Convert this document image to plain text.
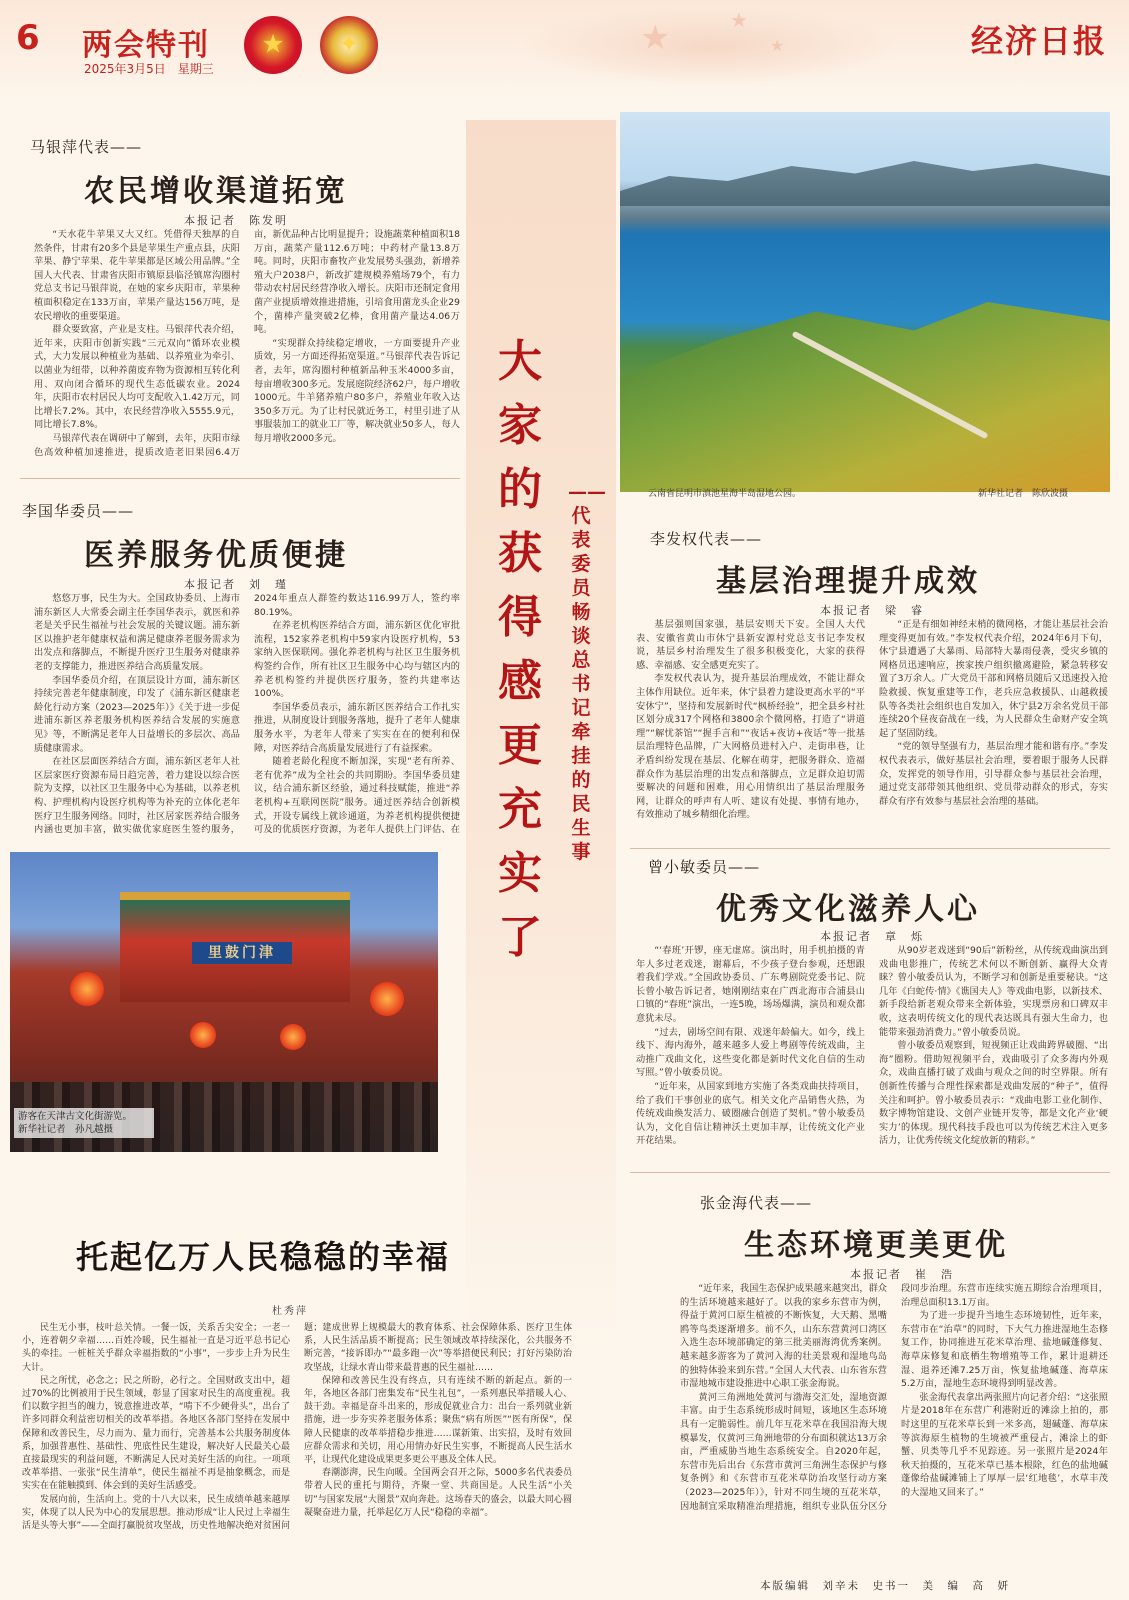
6 两会特刊
2025年3月5日　星期三
★ ✦	★	★
★	经济日报
大
家
的
获
得
感
更
充
实
了
——代表委员畅谈总书记牵挂的民生事
马银萍代表——
农民增收渠道拓宽
本报记者　陈发明

“天水花牛苹果又大又红。凭借得天独厚的自然条件，甘肃有20多个县是苹果生产重点县，庆阳苹果、静宁苹果、花牛苹果都是区域公用品牌。”全国人大代表、甘肃省庆阳市镇原县临泾镇席沟圈村党总支书记马银萍说，在她的家乡庆阳市，苹果种植面积稳定在133万亩，苹果产量达156万吨，是农民增收的重要渠道。

群众要致富，产业是支柱。马银萍代表介绍，近年来，庆阳市创新实践“三元双向”循环农业模式，大力发展以种植业为基础、以养殖业为牵引、以菌业为纽带，以种养菌废弃物为资源相互转化利用、双向闭合循环的现代生态低碳农业。2024年，庆阳市农村居民人均可支配收入1.42万元，同比增长7.2%。其中，农民经营净收入5555.9元，同比增长7.8%。

马银萍代表在调研中了解到，去年，庆阳市绿色高效种植加速推进，提质改造老旧果园6.4万亩，新优品种占比明显提升；设施蔬菜种植面积18万亩，蔬菜产量112.6万吨；中药材产量13.8万吨。同时，庆阳市畜牧产业发展势头强劲，新增养殖大户2038户，新改扩建规模养殖场79个，有力带动农村居民经营净收入增长。庆阳市还制定食用菌产业提质增效推进措施，引培食用菌龙头企业29个，菌棒产量突破2亿棒，食用菌产量达4.06万吨。

“实现群众持续稳定增收，一方面要提升产业质效，另一方面还得拓宽渠道。”马银萍代表告诉记者，去年，席沟圈村种植新品种玉米4000多亩，每亩增收300多元。发展庭院经济62户，每户增收1000元。牛羊猪养殖户80多户，养殖业年收入达350多万元。为了让村民就近务工，村里引进了从事服装加工的就业工厂等，解决就业50多人，每人每月增收2000多元。

李国华委员——
医养服务优质便捷
本报记者　刘　瑾

悠悠万事，民生为大。全国政协委员、上海市浦东新区人大常委会副主任李国华表示，就医和养老是关乎民生福祉与社会发展的关键议题。浦东新区以推护老年健康权益和满足健康养老服务需求为出发点和落脚点，不断提升医疗卫生服务对健康养老的支撑能力，推进医养结合高质量发展。

李国华委员介绍，在顶层设计方面，浦东新区持续完善老年健康制度，印发了《浦东新区健康老龄化行动方案（2023—2025年）》《关于进一步促进浦东新区养老服务机构医养结合发展的实施意见》等，不断满足老年人日益增长的多层次、高品质健康需求。

在社区层面医养结合方面，浦东新区老年人社区层家医疗资源布局日趋完善，着力建设以综合医院为支撑，以社区卫生服务中心为基础，以养老机构、护理机构内设医疗机构等为补充的立体化老年医疗卫生服务网络。同时，社区居家医养结合服务内涵也更加丰富，做实做优家庭医生签约服务，2024年重点人群签约数达116.99万人，签约率80.19%。

在养老机构医养结合方面，浦东新区优化审批流程，152家养老机构中59家内设医疗机构，53家纳入医保联网。强化养老机构与社区卫生服务机构签约合作，所有社区卫生服务中心均与辖区内的养老机构签约并提供医疗服务，签约共建率达100%。

李国华委员表示，浦东新区医养结合工作扎实推进，从制度设计到服务落地，提升了老年人健康服务水平，为老年人带来了实实在在的便利和保障，对医养结合高质量发展进行了有益探索。

随着老龄化程度不断加深，实现“老有所养、老有优养”成为全社会的共同期盼。李国华委员建议，结合浦东新区经验，通过科技赋能，推进“养老机构+互联网医院”服务。通过医养结合创新模式，开设专属线上就诊通道，为养老机构提供便捷可及的优质医疗资源，为老年人提供上门评估、在

里鼓门津
游客在天津古文化街游览。
新华社记者　孙凡越摄
托起亿万人民稳稳的幸福
杜秀萍

民生无小事，枝叶总关情。一餐一饭，关系舌尖安全；一老一小，连着朝夕幸福……百姓冷暖，民生福祉一直是习近平总书记心头的牵挂。一桩桩关乎群众幸福指数的“小事”，一步步上升为民生大计。

民之所忧，必念之；民之所盼，必行之。全国财政支出中，超过70%的比例被用于民生领域，彰显了国家对民生的高度重视。我们以数字担当的魄力，锐意推进改革，“啃下不少硬骨头”，出台了许多同群众利益密切相关的改革举措。各地区各部门坚持在发展中保障和改善民生，尽力而为、量力而行，完善基本公共服务制度体系，加强普惠性、基础性、兜底性民生建设，解决好人民最关心最直接最现实的利益问题，不断满足人民对美好生活的向往。一项项改革举措、一张张“民生清单”，使民生福祉不再是抽象概念，而是实实在在能触摸到、体会到的美好生活感受。

发展向前，生活向上。党的十八大以来，民生成绩单越来越厚实，体现了以人民为中心的发展思想。推动形成“让人民过上幸福生活是头等大事”——全面打赢脱贫攻坚战，历史性地解决绝对贫困问题；建成世界上规模最大的教育体系、社会保障体系、医疗卫生体系，人民生活品质不断提高；民生领域改革持续深化，公共服务不断完善，“接诉即办”“最多跑一次”等举措便民利民；打好污染防治攻坚战，让绿水青山带来最普惠的民生福祉……

保障和改善民生没有终点，只有连续不断的新起点。新的一年，各地区各部门密集发布“民生礼包”，一系列惠民举措暖人心、鼓干劲。幸福是奋斗出来的，形成促就业合力：出台一系列就业新措施，进一步夯实养老服务体系；聚焦“病有所医”“医有所保”，保障人民健康的改革举措稳步推进……谋新策、出实招，及时有效回应群众需求和关切，用心用情办好民生实事，不断提高人民生活水平，让现代化建设成果更多更公平惠及全体人民。

春潮澎湃，民生向暖。全国两会召开之际，5000多名代表委员带着人民的重托与期待，齐聚一堂、共商国是。人民生活“小关切”与国家发展“大图景”双向奔赴。这场春天的盛会，以最大同心圆凝聚奋进力量，托举起亿万人民“稳稳的幸福”。

云南省昆明市滇池星海半岛湿地公园。	新华社记者　陈欣波摄
李发权代表——
基层治理提升成效
本报记者　梁　睿

基层强则国家强，基层安则天下安。全国人大代表、安徽省黄山市休宁县新安源村党总支书记李发权说，基层乡村治理发生了很多积极变化，大家的获得感、幸福感、安全感更充实了。

李发权代表认为，提升基层治理成效，不能让群众主体作用缺位。近年来，休宁县着力建设更高水平的“平安休宁”，坚持和发展新时代“枫桥经验”，把全县乡村社区划分成317个网格和3800余个微网格，打造了“讲道理”“解忧茶馆”“握手言和”“夜话+夜访+夜话”等一批基层治理特色品牌，广大网格员进村入户、走街串巷，让矛盾纠纷发现在基层、化解在萌芽，把服务群众、造福群众作为基层治理的出发点和落脚点，立足群众迫切需要解决的问题和困难，用心用情织出了基层治理服务网，让群众的呼声有人听、建议有处提、事情有地办，有效推动了城乡精细化治理。

“正是有细如神经末梢的微网格，才能让基层社会治理变得更加有效。”李发权代表介绍，2024年6月下旬，休宁县遭遇了大暴雨、局部特大暴雨侵袭，受灾乡镇的网格员迅速响应，挨家挨户组织撤离避险，紧急转移安置了3万余人。广大党员干部和网格员随后又迅速投入抢险救援、恢复重建等工作，老兵应急救援队、山越救援队等各类社会组织也自发加入，休宁县2万余名党员干部连续20个昼夜奋战在一线，为人民群众生命财产安全筑起了坚固防线。

“党的领导坚强有力，基层治理才能和谐有序。”李发权代表表示，做好基层社会治理，要着眼于服务人民群众，发挥党的领导作用，引导群众参与基层社会治理，通过党支部带领其他组织、党员带动群众的形式，夯实群众有序有效参与基层社会治理的基础。

曾小敏委员——
优秀文化滋养人心
本报记者　章　烁

“‘春班’开锣，座无虚席。演出时，用手机拍摄的青年人多过老戏迷，谢幕后，不少孩子登台参观，还想跟着我们学戏。”全国政协委员、广东粤剧院党委书记、院长曾小敏告诉记者，她刚刚结束在广西北海市合浦县山口镇的“春班”演出，一连5晚，场场爆满，演员和观众都意犹未尽。

“过去，剧场空间有限、戏迷年龄偏大。如今，线上线下、海内海外，越来越多人爱上粤剧等传统戏曲，主动推广戏曲文化，这些变化都是新时代文化自信的生动写照。”曾小敏委员说。

“近年来，从国家到地方实施了各类戏曲扶持项目，给了我们干事创业的底气。相关文化产品销售火热，为传统戏曲焕发活力、破圈融合创造了契机。”曾小敏委员认为，文化自信让精神沃土更加丰厚，让传统文化产业开花结果。

从90岁老戏迷到“90后”新粉丝，从传统戏曲演出到戏曲电影推广，传统艺术何以不断创新、赢得大众青睐？曾小敏委员认为，不断学习和创新是重要秘诀。“这几年《白蛇传·情》《谯国夫人》等戏曲电影，以新技术、新手段给新老观众带来全新体验，实现票房和口碑双丰收，这表明传统文化的现代表达既具有强大生命力，也能带来强劲消费力。”曾小敏委员说。

曾小敏委员观察到，短视频正让戏曲跨界破圈、“出海”圈粉。借助短视频平台，戏曲吸引了众多海内外观众，戏曲直播打破了戏曲与观众之间的时空界限。所有创新性传播与合理性探索都是戏曲发展的“种子”，值得关注和呵护。曾小敏委员表示：“戏曲电影工业化制作、数字博物馆建设、文创产业链开发等，都是文化产业‘硬实力’的体现。现代科技手段也可以为传统艺术注入更多活力，让优秀传统文化绽放新的精彩。”

张金海代表——
生态环境更美更优
本报记者　崔　浩

“近年来，我国生态保护成果越来越突出，群众的生活环境越来越好了。以我的家乡东营市为例，得益于黄河口原生植被的不断恢复，大天鹅、黑嘴鸥等鸟类逐渐增多。前不久，山东东营黄河口湾区入选生态环境部确定的第三批美丽海湾优秀案例。越来越多游客为了黄河入海的壮美景观和湿地鸟岛的独特体验来到东营。”全国人大代表、山东省东营市湿地城市建设推进中心职工张金海说。

黄河三角洲地处黄河与渤海交汇处，湿地资源丰富。由于生态系统形成时间短，该地区生态环境具有一定脆弱性。前几年互花米草在我国沿海大规模暴发，仅黄河三角洲地带的分布面积就达13万余亩，严重威胁当地生态系统安全。自2020年起，东营市先后出台《东营市黄河三角洲生态保护与修复条例》和《东营市互花米草防治攻坚行动方案（2023—2025年）》，针对不同生境的互花米草，因地制宜采取精准治理措施，组织专业队伍分区分段同步治理。东营市连续实施五期综合治理项目，治理总面积13.1万亩。

为了进一步提升当地生态环境韧性，近年来，东营市在“治草”的同时，下大气力推进湿地生态修复工作，协同推进互花米草治理、盐地碱蓬修复、海草床修复和底栖生物增殖等工作，累计退耕还湿、退养还滩7.25万亩，恢复盐地碱蓬、海草床5.2万亩，湿地生态环境得到明显改善。

张金海代表拿出两张照片向记者介绍：“这张照片是2018年在东营广利港附近的滩涂上拍的，那时这里的互花米草长到一米多高，翅碱蓬、海草床等滨海原生植物的生境被严重侵占，滩涂上的虾蟹、贝类等几乎不见踪迹。另一张照片是2024年秋天拍摄的，互花米草已基本根除，红色的盐地碱蓬像给盐碱滩铺上了厚厚一层‘红地毯’，水草丰茂的大湿地又回来了。”

本版编辑　刘辛未　史书一　美　编　高　妍
